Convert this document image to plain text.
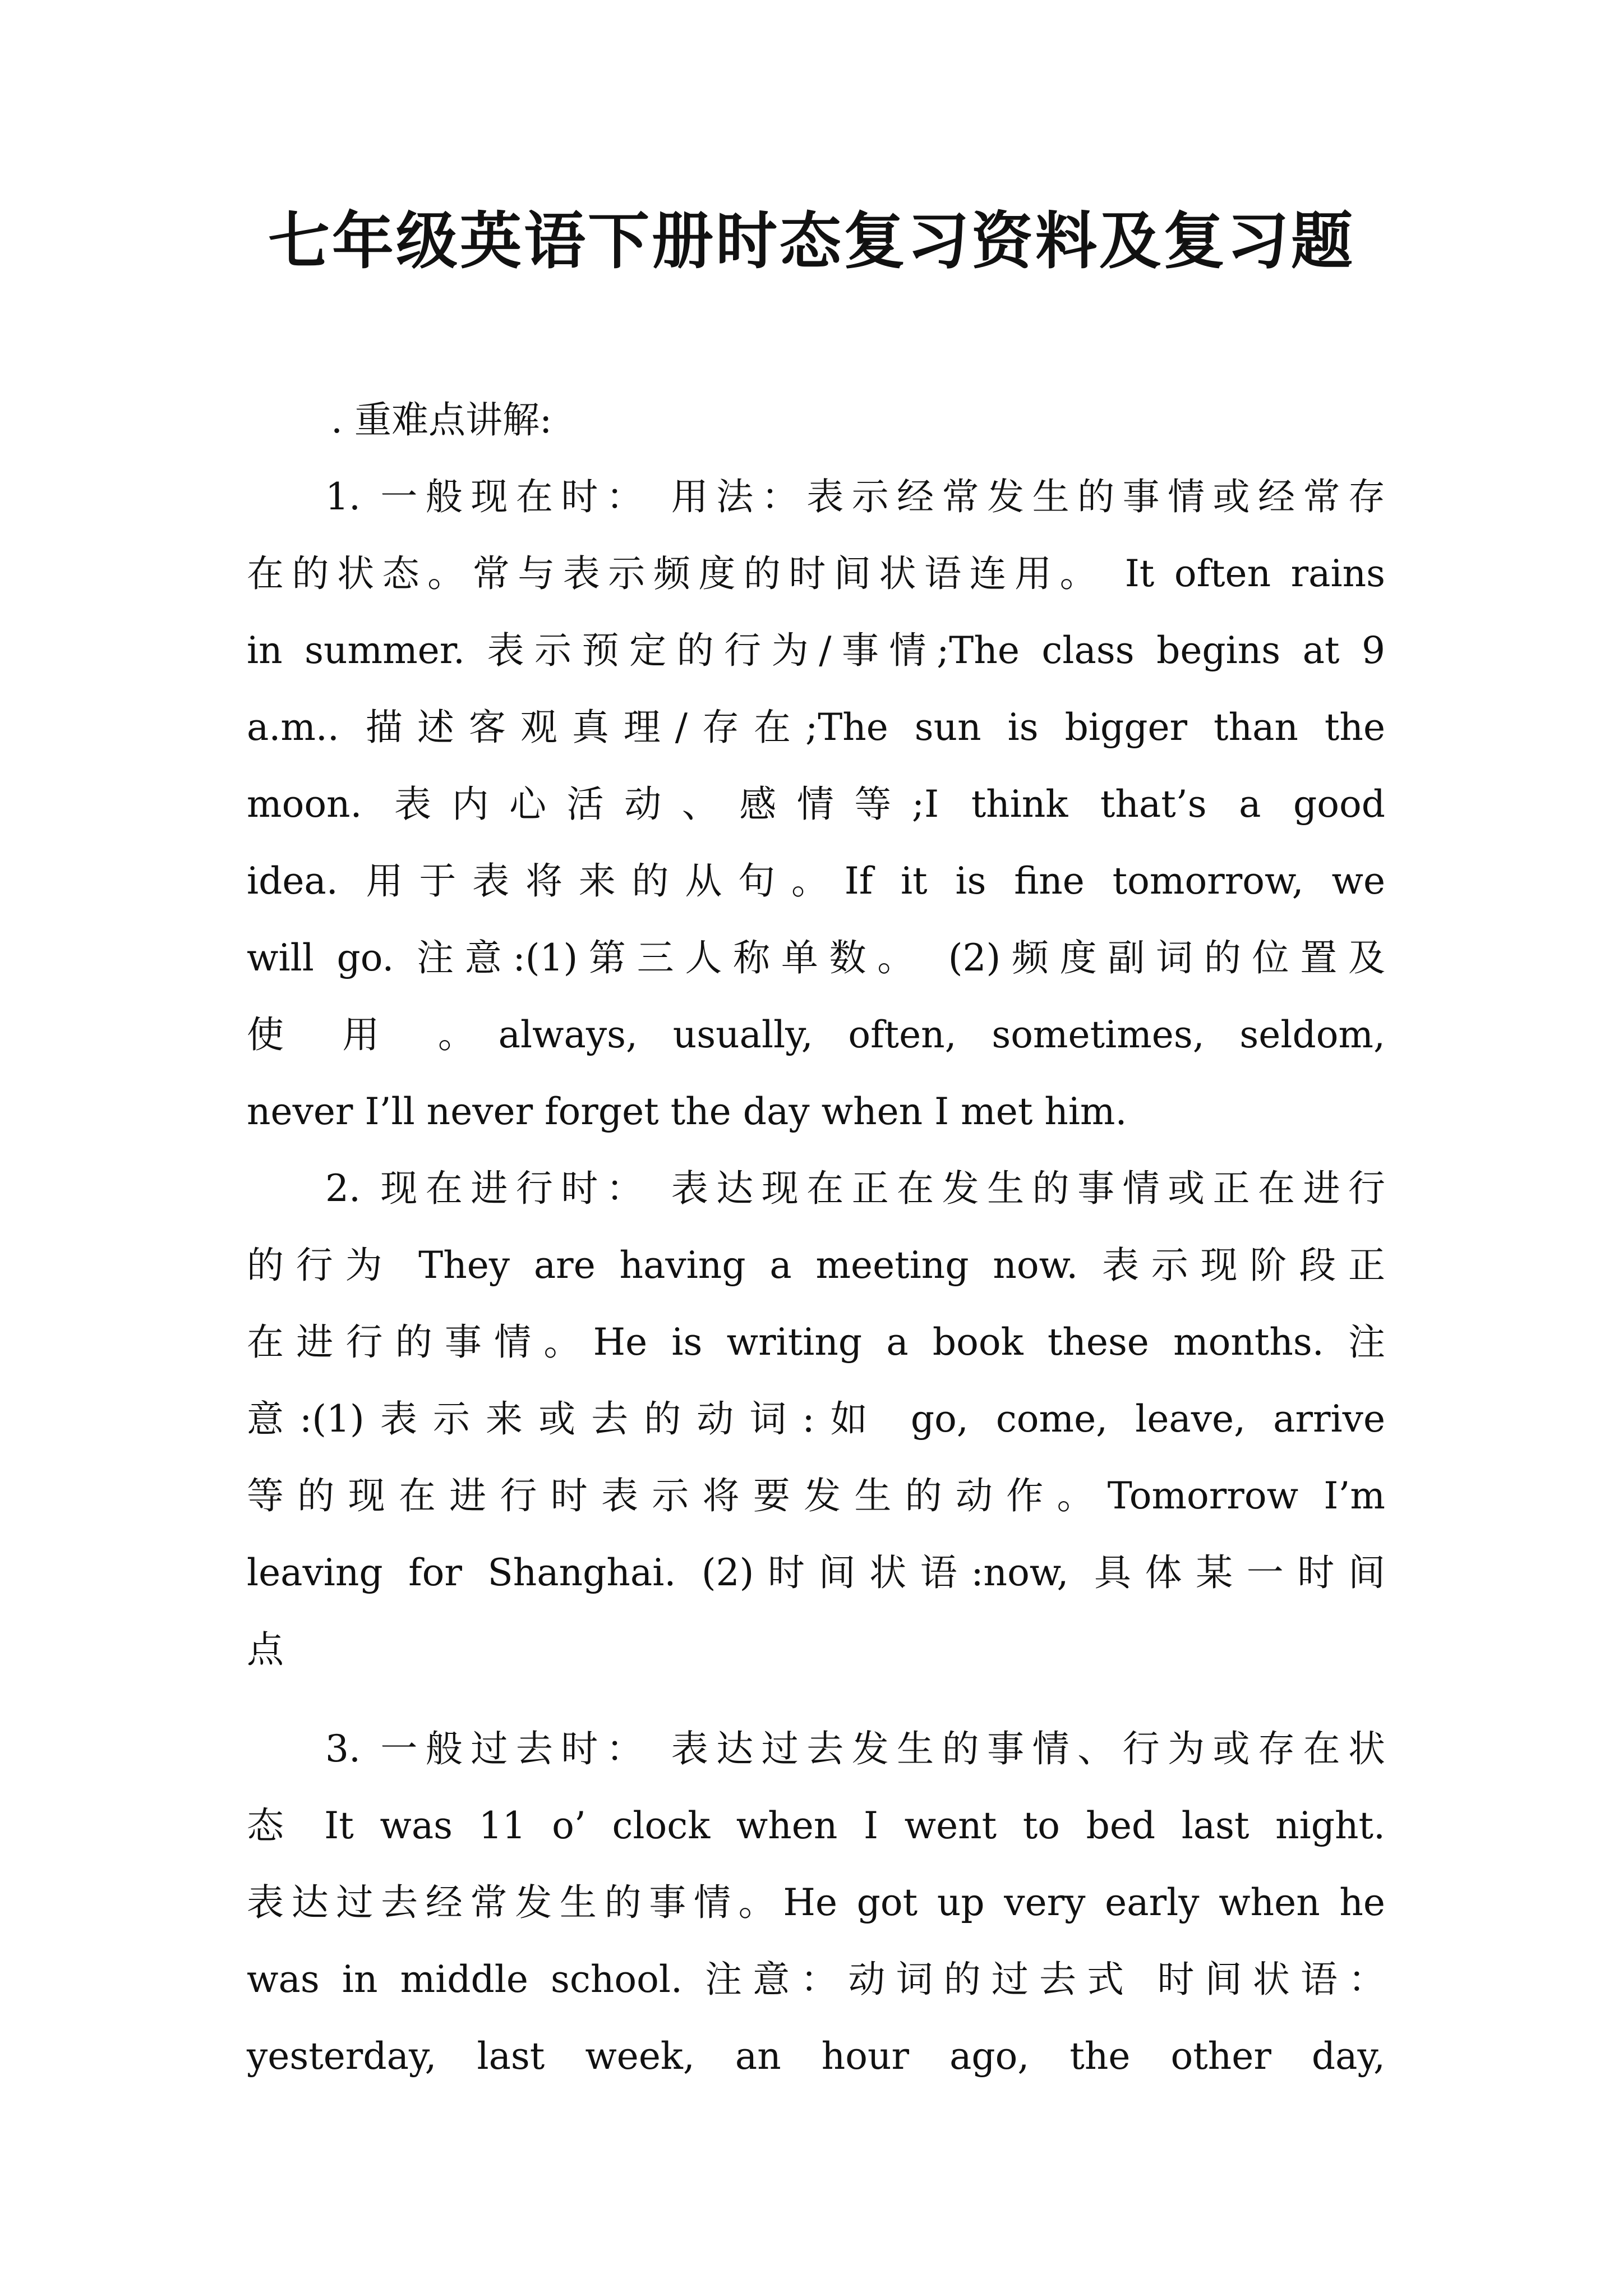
七年级英语下册时态复习资料及复习题
. 重难点讲解:
1. 一般现在时： 用法：表示经常发生的事情或经常存
在的状态。常与表示频度的时间状语连用。 It often rains
in summer. 表示预定的行为/事情;The class begins at 9
a.m.. 描述客观真理/存在;The sun is bigger than the
moon. 表内心活动、感情等;I think that’s a good
idea. 用于表将来的从句。If it is fine tomorrow, we
will go. 注意:(1)第三人称单数。 (2)频度副词的位置及
使 用 。always, usually, often, sometimes, seldom,
never I’ll never forget the day when I met him.
2. 现在进行时： 表达现在正在发生的事情或正在进行
的行为 They are having a meeting now. 表示现阶段正
在进行的事情。He is writing a book these months. 注
意:(1)表示来或去的动词:如 go, come, leave, arrive
等的现在进行时表示将要发生的动作。Tomorrow I’m
leaving for Shanghai. (2)时间状语:now, 具体某一时间
点
3. 一般过去时： 表达过去发生的事情、行为或存在状
态 It was 11 o’ clock when I went to bed last night.
表达过去经常发生的事情。He got up very early when he
was in middle school. 注意：动词的过去式 时间状语：
yesterday, last week, an hour ago, the other day,
